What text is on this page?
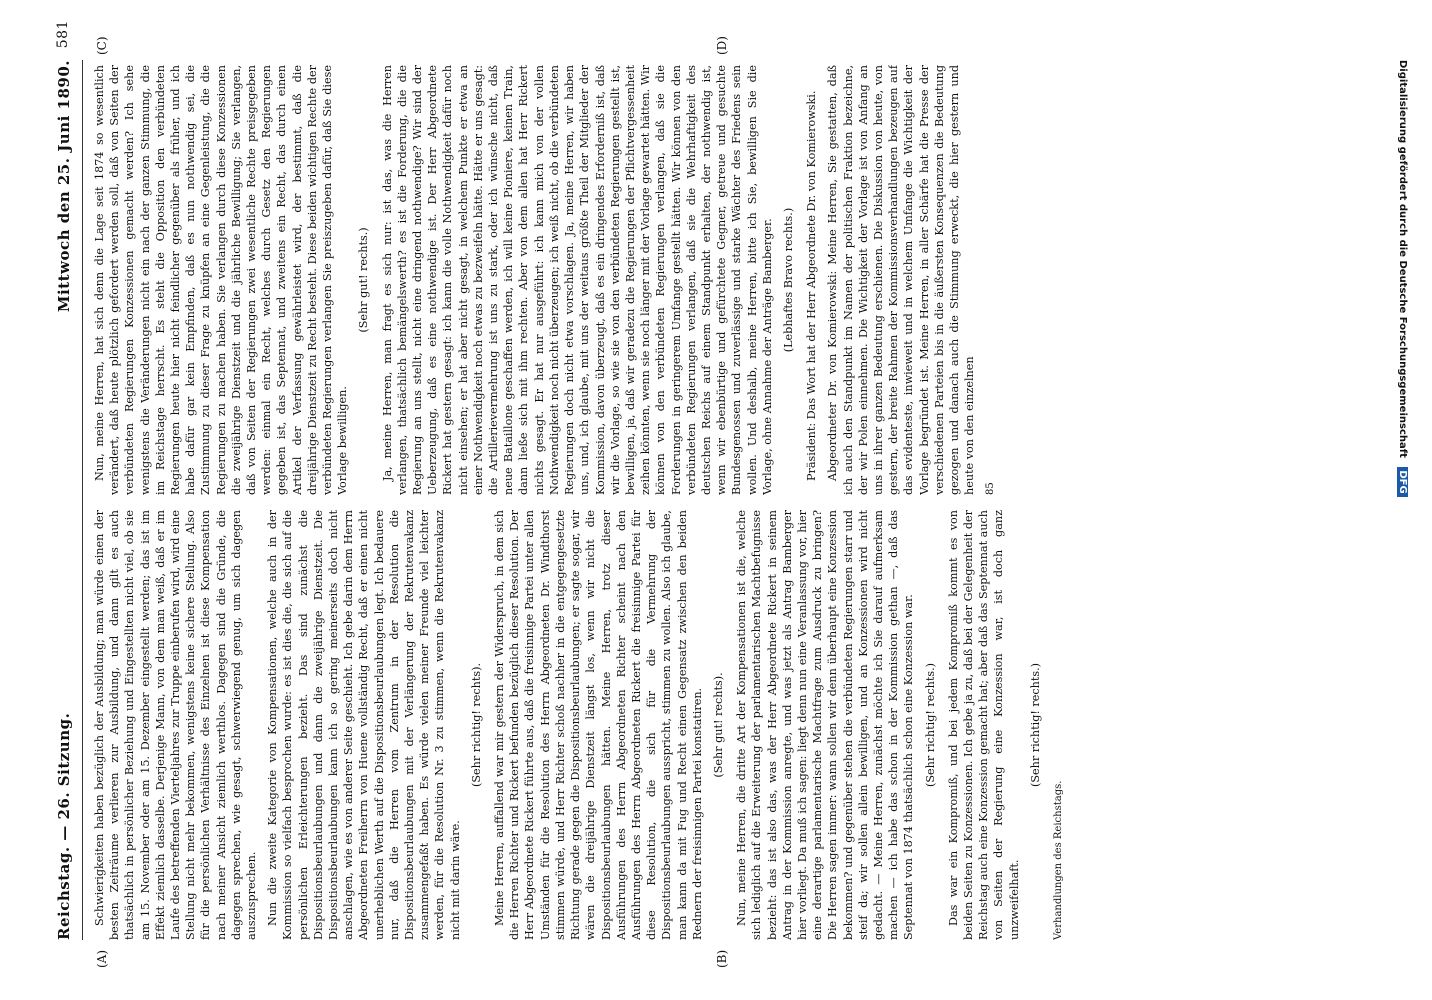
Reichstag. — 26. Sitzung.
Mittwoch den 25. Juni 1890.
581
(A)	(B)
(C)	(D)

Schwierigkeiten haben bezüglich der Ausbildung; man würde einen der besten Zeiträume verlieren zur Ausbildung, und dann gilt es auch thatsächlich in persönlicher Beziehung und Eingestellten nicht viel, ob sie am 15. November oder am 15. Dezember eingestellt werden; das ist im Effekt ziemlich dasselbe. Derjenige Mann, von dem man weiß, daß er im Laufe des betreffenden Vierteljahres zur Truppe einberufen wird, wird eine Stellung nicht mehr bekommen, wenigstens keine sichere Stellung. Also für die persönlichen Verhältnisse des Einzelnen ist diese Kompensation nach meiner Ansicht ziemlich werthlos. Dagegen sind die Gründe, die dagegen sprechen, wie gesagt, schwerwiegend genug, um sich dagegen auszusprechen. Nun die zweite Kategorie von Kompensationen, welche auch in der Kommission so vielfach besprochen wurde: es ist dies die, die sich auf die persönlichen Erleichterungen bezieht. Das sind zunächst die Dispositionsbeurlaubungen und dann die zweijährige Dienstzeit. Die Dispositionsbeurlaubungen kann ich so gering meinerseits doch nicht anschlagen, wie es von anderer Seite geschieht. Ich gebe darin dem Herrn Abgeordneten Freiherrn von Huene vollständig Recht, daß er einen nicht unerheblichen Werth auf die Dispositionsbeurlaubungen legt. Ich bedauere nur, daß die Herren vom Zentrum in der Resolution die Dispositionsbeurlaubungen mit der Verlängerung der Rekrutenvakanz zusammengefaßt haben. Es würde vielen meiner Freunde viel leichter werden, für die Resolution Nr. 3 zu stimmen, wenn die Rekrutenvakanz nicht mit darin wäre.

(Sehr richtig! rechts). Meine Herren, auffallend war mir gestern der Widerspruch, in dem sich die Herren Richter und Rickert befunden bezüglich dieser Resolution. Der Herr Abgeordnete Rickert führte aus, daß die freisinnige Partei unter allen Umständen für die Resolution des Herrn Abgeordneten Dr. Windthorst stimmen würde, und Herr Richter schoß nachher in die entgegengesetzte Richtung gerade gegen die Dispositionsbeurlaubungen; er sagte sogar, wir wären die dreijährige Dienstzeit längst los, wenn wir nicht die Dispositionsbeurlaubungen hätten. Meine Herren, trotz dieser Ausführungen des Herrn Abgeordneten Richter scheint nach den Ausführungen des Herrn Abgeordneten Rickert die freisinnige Partei für diese Resolution, die sich für die Vermehrung der Dispositionsbeurlaubungen ausspricht, stimmen zu wollen. Also ich glaube, man kann da mit Fug und Recht einen Gegensatz zwischen den beiden Rednern der freisinnigen Partei konstatiren. (Sehr gut! rechts). Nun, meine Herren, die dritte Art der Kompensationen ist die, welche sich lediglich auf die Erweiterung der parlamentarischen Machtbefugnisse bezieht: das ist also das, was der Herr Abgeordnete Rickert in seinem Antrag in der Kommission anregte, und was jetzt als Antrag Bamberger hier vorliegt. Da muß ich sagen: liegt denn nun eine Veranlassung vor, hier eine derartige parlamentarische Machtfrage zum Ausdruck zu bringen? Die Herren sagen immer: wann sollen wir denn überhaupt eine Konzession bekommen? und gegenüber stehen die verbündeten Regierungen starr und steif da; wir sollen allein bewilligen, und an Konzessionen wird nicht gedacht. — Meine Herren, zunächst möchte ich Sie darauf aufmerksam machen — ich habe das schon in der Kommission gethan —, daß das Septennat von 1874 thatsächlich schon eine Konzession war. (Sehr richtig! rechts.) Das war ein Kompromiß, und bei jedem Kompromiß kommt es von beiden Seiten zu Konzessionen. Ich gebe ja zu, daß bei der Gelegenheit der Reichstag auch eine Konzession gemacht hat; aber daß das Septennat auch von Seiten der Regierung eine Konzession war, ist doch ganz unzweifelhaft.

(Sehr richtig! rechts.)

Verhandlungen des Reichstags.

Nun, meine Herren, hat sich denn die Lage seit 1874 so wesentlich verändert, daß heute plötzlich gefordert werden soll, daß von Seiten der verbündeten Regierungen Konzessionen gemacht werden? Ich sehe wenigstens die Veränderungen nicht ein nach der ganzen Stimmung, die im Reichstage herrscht. Es steht die Opposition den verbündeten Regierungen heute hier nicht feindlicher gegenüber als früher, und ich habe dafür gar kein Empfinden, daß es nun nothwendig sei, die Zustimmung zu dieser Frage zu knüpfen an eine Gegenleistung, die die Regierungen zu machen haben. Sie verlangen durch diese Konzessionen die zweijährige Dienstzeit und die jährliche Bewilligung; Sie verlangen, daß von Seiten der Regierungen zwei wesentliche Rechte preisgegeben werden: einmal ein Recht, welches durch Gesetz den Regierungen gegeben ist, das Septennat, und zweitens ein Recht, das durch einen Artikel der Verfassung gewährleistet wird, der bestimmt, daß die dreijährige Dienstzeit zu Recht besteht. Diese beiden wichtigen Rechte der verbündeten Regierungen verlangen Sie preiszugeben dafür, daß Sie diese Vorlage bewilligen.

(Sehr gut! rechts.) Ja, meine Herren, man fragt es sich nur: ist das, was die Herren verlangen, thatsächlich bemängelswerth? es ist die Forderung, die die Regierung an uns stellt, nicht eine dringend nothwendige? Wir sind der Ueberzeugung, daß es eine nothwendige ist. Der Herr Abgeordnete Rickert hat gestern gesagt: ich kann die volle Nothwendigkeit dafür noch nicht einsehen; er hat aber nicht gesagt, in welchem Punkte er etwa an einer Nothwendigkeit noch etwas zu bezweifeln hätte. Hätte er uns gesagt: die Artillerievermehrung ist uns zu stark, oder ich wünsche nicht, daß neue Bataillone geschaffen werden, ich will keine Pioniere, keinen Train, dann ließe sich mit ihm rechten. Aber von dem allen hat Herr Rickert nichts gesagt. Er hat nur ausgeführt: ich kann mich von der vollen Nothwendigkeit noch nicht überzeugen; ich weiß nicht, ob die verbündeten Regierungen doch nicht etwa vorschlagen. Ja, meine Herren, wir haben uns, und, ich glaube, mit uns der weitaus größte Theil der Mitglieder der Kommission, davon überzeugt, daß es ein dringendes Erforderniß ist, daß wir die Vorlage, so wie sie von den verbündeten Regierungen gestellt ist, bewilligen, ja, daß wir geradezu die Regierungen der Pflichtvergessenheit zeihen könnten, wenn sie noch länger mit der Vorlage gewartet hätten. Wir können von den verbündeten Regierungen verlangen, daß sie die Forderungen in geringerem Umfange gestellt hätten. Wir können von den verbündeten Regierungen verlangen, daß sie die Wehrhaftigkeit des deutschen Reichs auf einem Standpunkt erhalten, der nothwendig ist, wenn wir ebenbürtige und gefürchtete Gegner, getreue und gesuchte Bundesgenossen und zuverlässige und starke Wächter des Friedens sein wollen. Und deshalb, meine Herren, bitte ich Sie, bewilligen Sie die Vorlage, ohne Annahme der Anträge Bamberger. (Lebhaftes Bravo rechts.) Präsident: Das Wort hat der Herr Abgeordnete Dr. von Komierowski. Abgeordneter Dr. von Komierowski: Meine Herren, Sie gestatten, daß ich auch den Standpunkt im Namen der politischen Fraktion bezeichne, der wir Polen einnehmen. Die Wichtigkeit der Vorlage ist von Anfang an uns in ihrer ganzen Bedeutung erschienen. Die Diskussion von heute, von gestern, der breite Rahmen der Kommissionsverhandlungen bezeugen auf das evidenteste, inwieweit und in welchem Umfange die Wichtigkeit der Vorlage begründet ist. Meine Herren, in aller Schärfe hat die Presse der verschiedenen Parteien bis in die äußersten Konsequenzen die Bedeutung gezogen und danach auch die Stimmung erweckt, die hier gestern und heute von den einzelnen 85

Digitalisierung gefördert durch die Deutsche Forschungsgemeinschaft DFG
